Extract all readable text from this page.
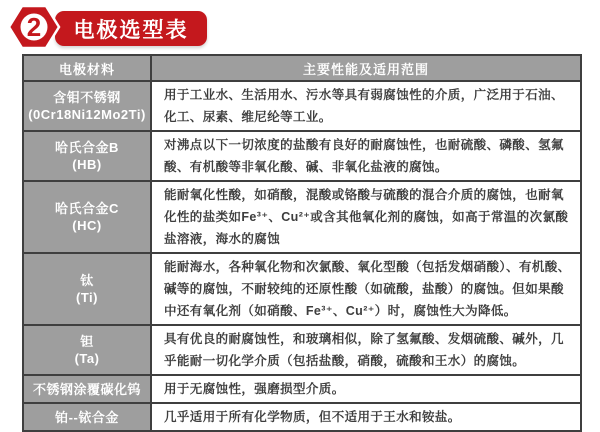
2 电极选型表
电极材料	主要性能及适用范围

含钼不锈钢
(0Cr18Ni12Mo2Ti)	用于工业水、生活用水、污水等具有弱腐蚀性的介质，广泛用于石油、化工、尿素、维尼纶等工业。

哈氏合金B
(HB)	对沸点以下一切浓度的盐酸有良好的耐腐蚀性，也耐硫酸、磷酸、氢氟酸、有机酸等非氧化酸、碱、非氧化盐液的腐蚀。

哈氏合金C
(HC)	能耐氧化性酸，如硝酸，混酸或铬酸与硫酸的混合介质的腐蚀，也耐氧化性的盐类如Fe³⁺、Cu²⁺或含其他氧化剂的腐蚀，如高于常温的次氯酸盐溶液，海水的腐蚀

钛
(Ti)	能耐海水，各种氧化物和次氯酸、氧化型酸（包括发烟硝酸）、有机酸、碱等的腐蚀，不耐较纯的还原性酸（如硫酸，盐酸）的腐蚀。但如果酸中还有氧化剂（如硝酸、Fe³⁺、Cu²⁺）时，腐蚀性大为降低。

钽
(Ta)	具有优良的耐腐蚀性，和玻璃相似，除了氢氟酸、发烟硫酸、碱外，几乎能耐一切化学介质（包括盐酸，硝酸，硫酸和王水）的腐蚀。

不锈钢涂覆碳化钨	用于无腐蚀性，强磨损型介质。

铂--铱合金	几乎适用于所有化学物质，但不适用于王水和铵盐。
